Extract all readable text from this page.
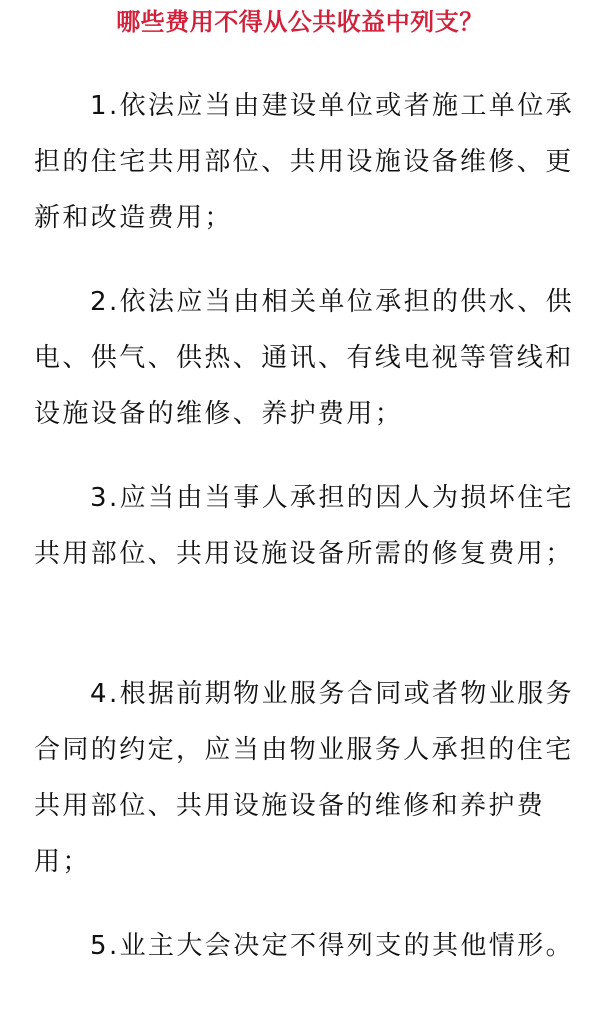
哪些费用不得从公共收益中列支？

1.依法应当由建设单位或者施工单位承担的住宅共用部位、共用设施设备维修、更新和改造费用；

2.依法应当由相关单位承担的供水、供电、供气、供热、通讯、有线电视等管线和设施设备的维修、养护费用；

3.应当由当事人承担的因人为损坏住宅共用部位、共用设施设备所需的修复费用；

4.根据前期物业服务合同或者物业服务合同的约定，应当由物业服务人承担的住宅共用部位、共用设施设备的维修和养护费用；

5.业主大会决定不得列支的其他情形。
